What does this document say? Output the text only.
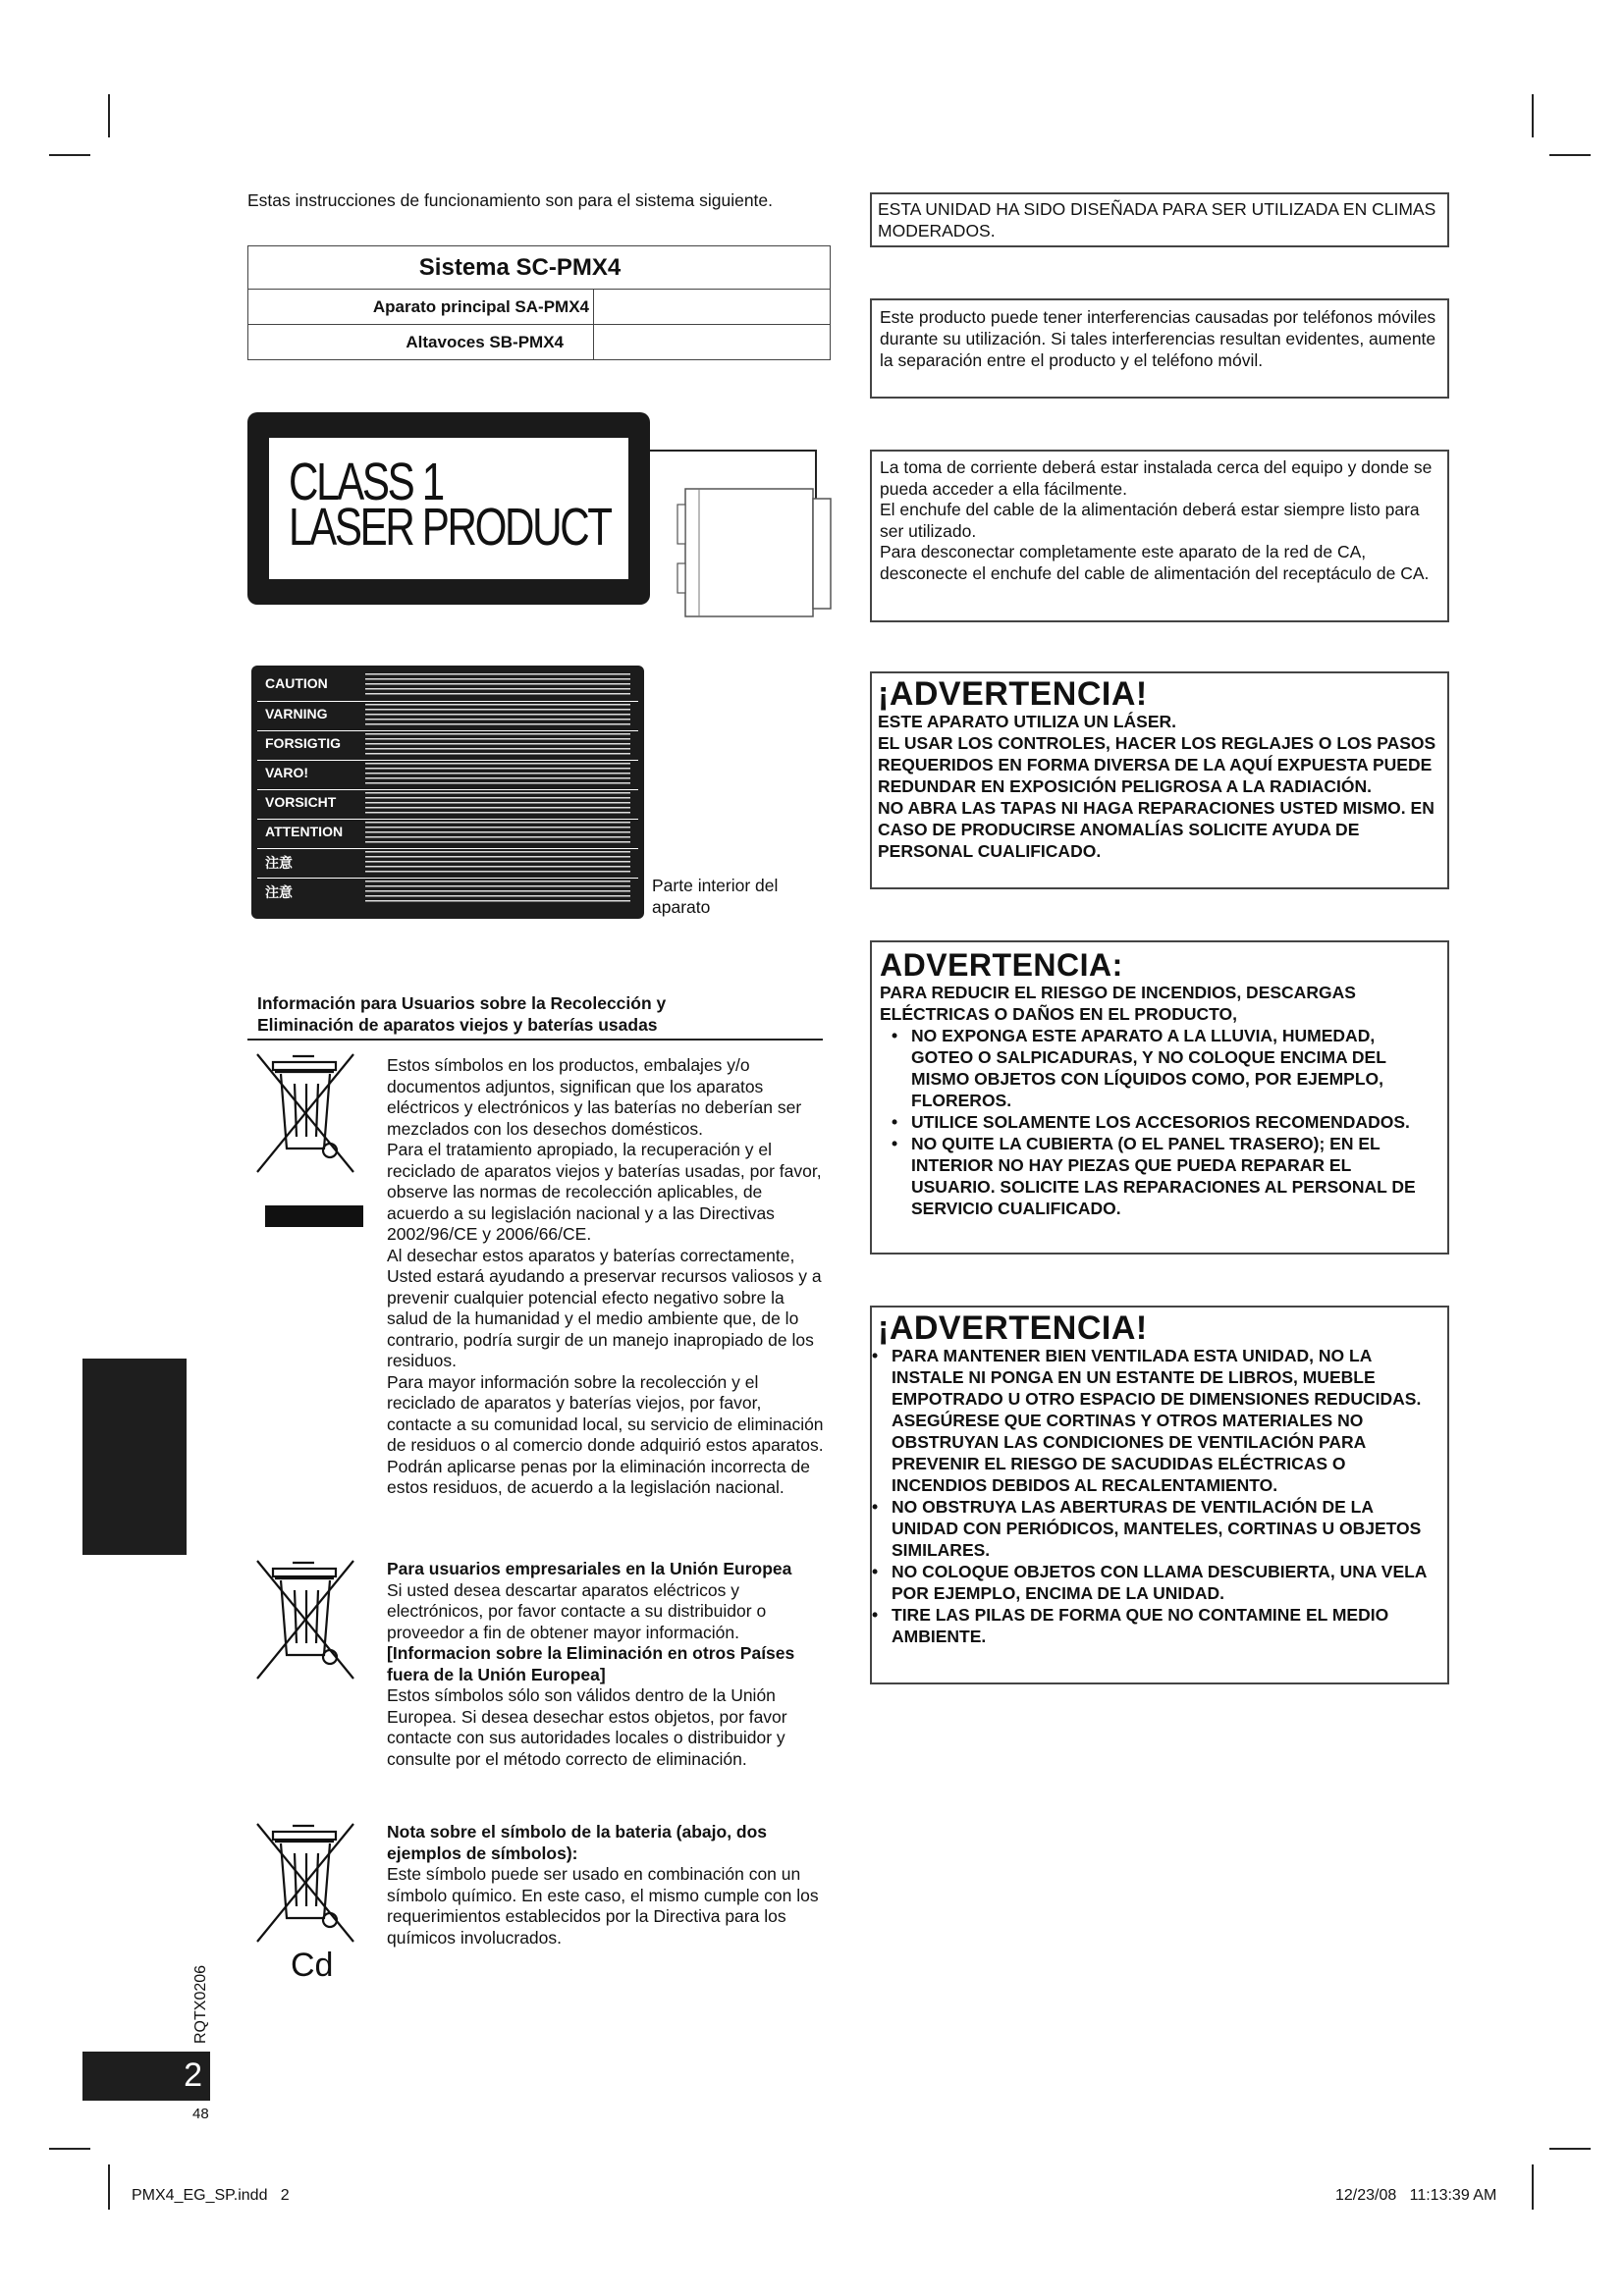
Estas instrucciones de funcionamiento son para el sistema siguiente.
Sistema SC-PMX4	
Aparato principal SA-PMX4	
Altavoces SB-PMX4	
CLASS 1
LASER PRODUCT
CAUTION
VARNING
FORSIGTIG
VARO!
VORSICHT
ATTENTION
注意
注意	Parte interior del aparato
Información para Usuarios sobre la Recolección y Eliminación de aparatos viejos y baterías usadas
Estos símbolos en los productos, embalajes y/o documentos adjuntos, significan que los aparatos eléctricos y electrónicos y las baterías no deberían ser mezclados con los desechos domésticos.
Para el tratamiento apropiado, la recuperación y el reciclado de aparatos viejos y baterías usadas, por favor, observe las normas de recolección aplicables, de acuerdo a su legislación nacional y a las Directivas 2002/96/CE y 2006/66/CE.
Al desechar estos aparatos y baterías correctamente, Usted estará ayudando a preservar recursos valiosos y a prevenir cualquier potencial efecto negativo sobre la salud de la humanidad y el medio ambiente que, de lo contrario, podría surgir de un manejo inapropiado de los residuos.
Para mayor información sobre la recolección y el reciclado de aparatos y baterías viejos, por favor, contacte a su comunidad local, su servicio de eliminación de residuos o al comercio donde adquirió estos aparatos.
Podrán aplicarse penas por la eliminación incorrecta de estos residuos, de acuerdo a la legislación nacional.
Para usuarios empresariales en la Unión Europea
Si usted desea descartar aparatos eléctricos y electrónicos, por favor contacte a su distribuidor o proveedor a fin de obtener mayor información.
[Informacion sobre la Eliminación en otros Países fuera de la Unión Europea]
Estos símbolos sólo son válidos dentro de la Unión Europea. Si desea desechar estos objetos, por favor contacte con sus autoridades locales o distribuidor y consulte por el método correcto de eliminación.
Cd
Nota sobre el símbolo de la bateria (abajo, dos ejemplos de símbolos):
Este símbolo puede ser usado en combinación con un símbolo químico. En este caso, el mismo cumple con los requerimientos establecidos por la Directiva para los químicos involucrados.
RQTX0206
2
48
ESTA UNIDAD HA SIDO DISEÑADA PARA SER UTILIZADA EN CLIMAS MODERADOS.
Este producto puede tener interferencias causadas por teléfonos móviles durante su utilización. Si tales interferencias resultan evidentes, aumente la separación entre el producto y el teléfono móvil.
La toma de corriente deberá estar instalada cerca del equipo y donde se pueda acceder a ella fácilmente.
El enchufe del cable de la alimentación deberá estar siempre listo para ser utilizado.
Para desconectar completamente este aparato de la red de CA, desconecte el enchufe del cable de alimentación del receptáculo de CA.
¡ADVERTENCIA!
ESTE APARATO UTILIZA UN LÁSER.
EL USAR LOS CONTROLES, HACER LOS REGLAJES O LOS PASOS REQUERIDOS EN FORMA DIVERSA DE LA AQUÍ EXPUESTA PUEDE REDUNDAR EN EXPOSICIÓN PELIGROSA A LA RADIACIÓN.
NO ABRA LAS TAPAS NI HAGA REPARACIONES USTED MISMO. EN CASO DE PRODUCIRSE ANOMALÍAS SOLICITE AYUDA DE PERSONAL CUALIFICADO.
ADVERTENCIA:
PARA REDUCIR EL RIESGO DE INCENDIOS, DESCARGAS ELÉCTRICAS O DAÑOS EN EL PRODUCTO,
• NO EXPONGA ESTE APARATO A LA LLUVIA, HUMEDAD, GOTEO O SALPICADURAS, Y NO COLOQUE ENCIMA DEL MISMO OBJETOS CON LÍQUIDOS COMO, POR EJEMPLO, FLOREROS.
• UTILICE SOLAMENTE LOS ACCESORIOS RECOMENDADOS.
• NO QUITE LA CUBIERTA (O EL PANEL TRASERO); EN EL INTERIOR NO HAY PIEZAS QUE PUEDA REPARAR EL USUARIO. SOLICITE LAS REPARACIONES AL PERSONAL DE SERVICIO CUALIFICADO.
¡ADVERTENCIA!
• PARA MANTENER BIEN VENTILADA ESTA UNIDAD, NO LA INSTALE NI PONGA EN UN ESTANTE DE LIBROS, MUEBLE EMPOTRADO U OTRO ESPACIO DE DIMENSIONES REDUCIDAS. ASEGÚRESE QUE CORTINAS Y OTROS MATERIALES NO OBSTRUYAN LAS CONDICIONES DE VENTILACIÓN PARA PREVENIR EL RIESGO DE SACUDIDAS ELÉCTRICAS O INCENDIOS DEBIDOS AL RECALENTAMIENTO.
• NO OBSTRUYA LAS ABERTURAS DE VENTILACIÓN DE LA UNIDAD CON PERIÓDICOS, MANTELES, CORTINAS U OBJETOS SIMILARES.
• NO COLOQUE OBJETOS CON LLAMA DESCUBIERTA, UNA VELA POR EJEMPLO, ENCIMA DE LA UNIDAD.
• TIRE LAS PILAS DE FORMA QUE NO CONTAMINE EL MEDIO AMBIENTE.
PMX4_EG_SP.indd   2	12/23/08   11:13:39 AM
